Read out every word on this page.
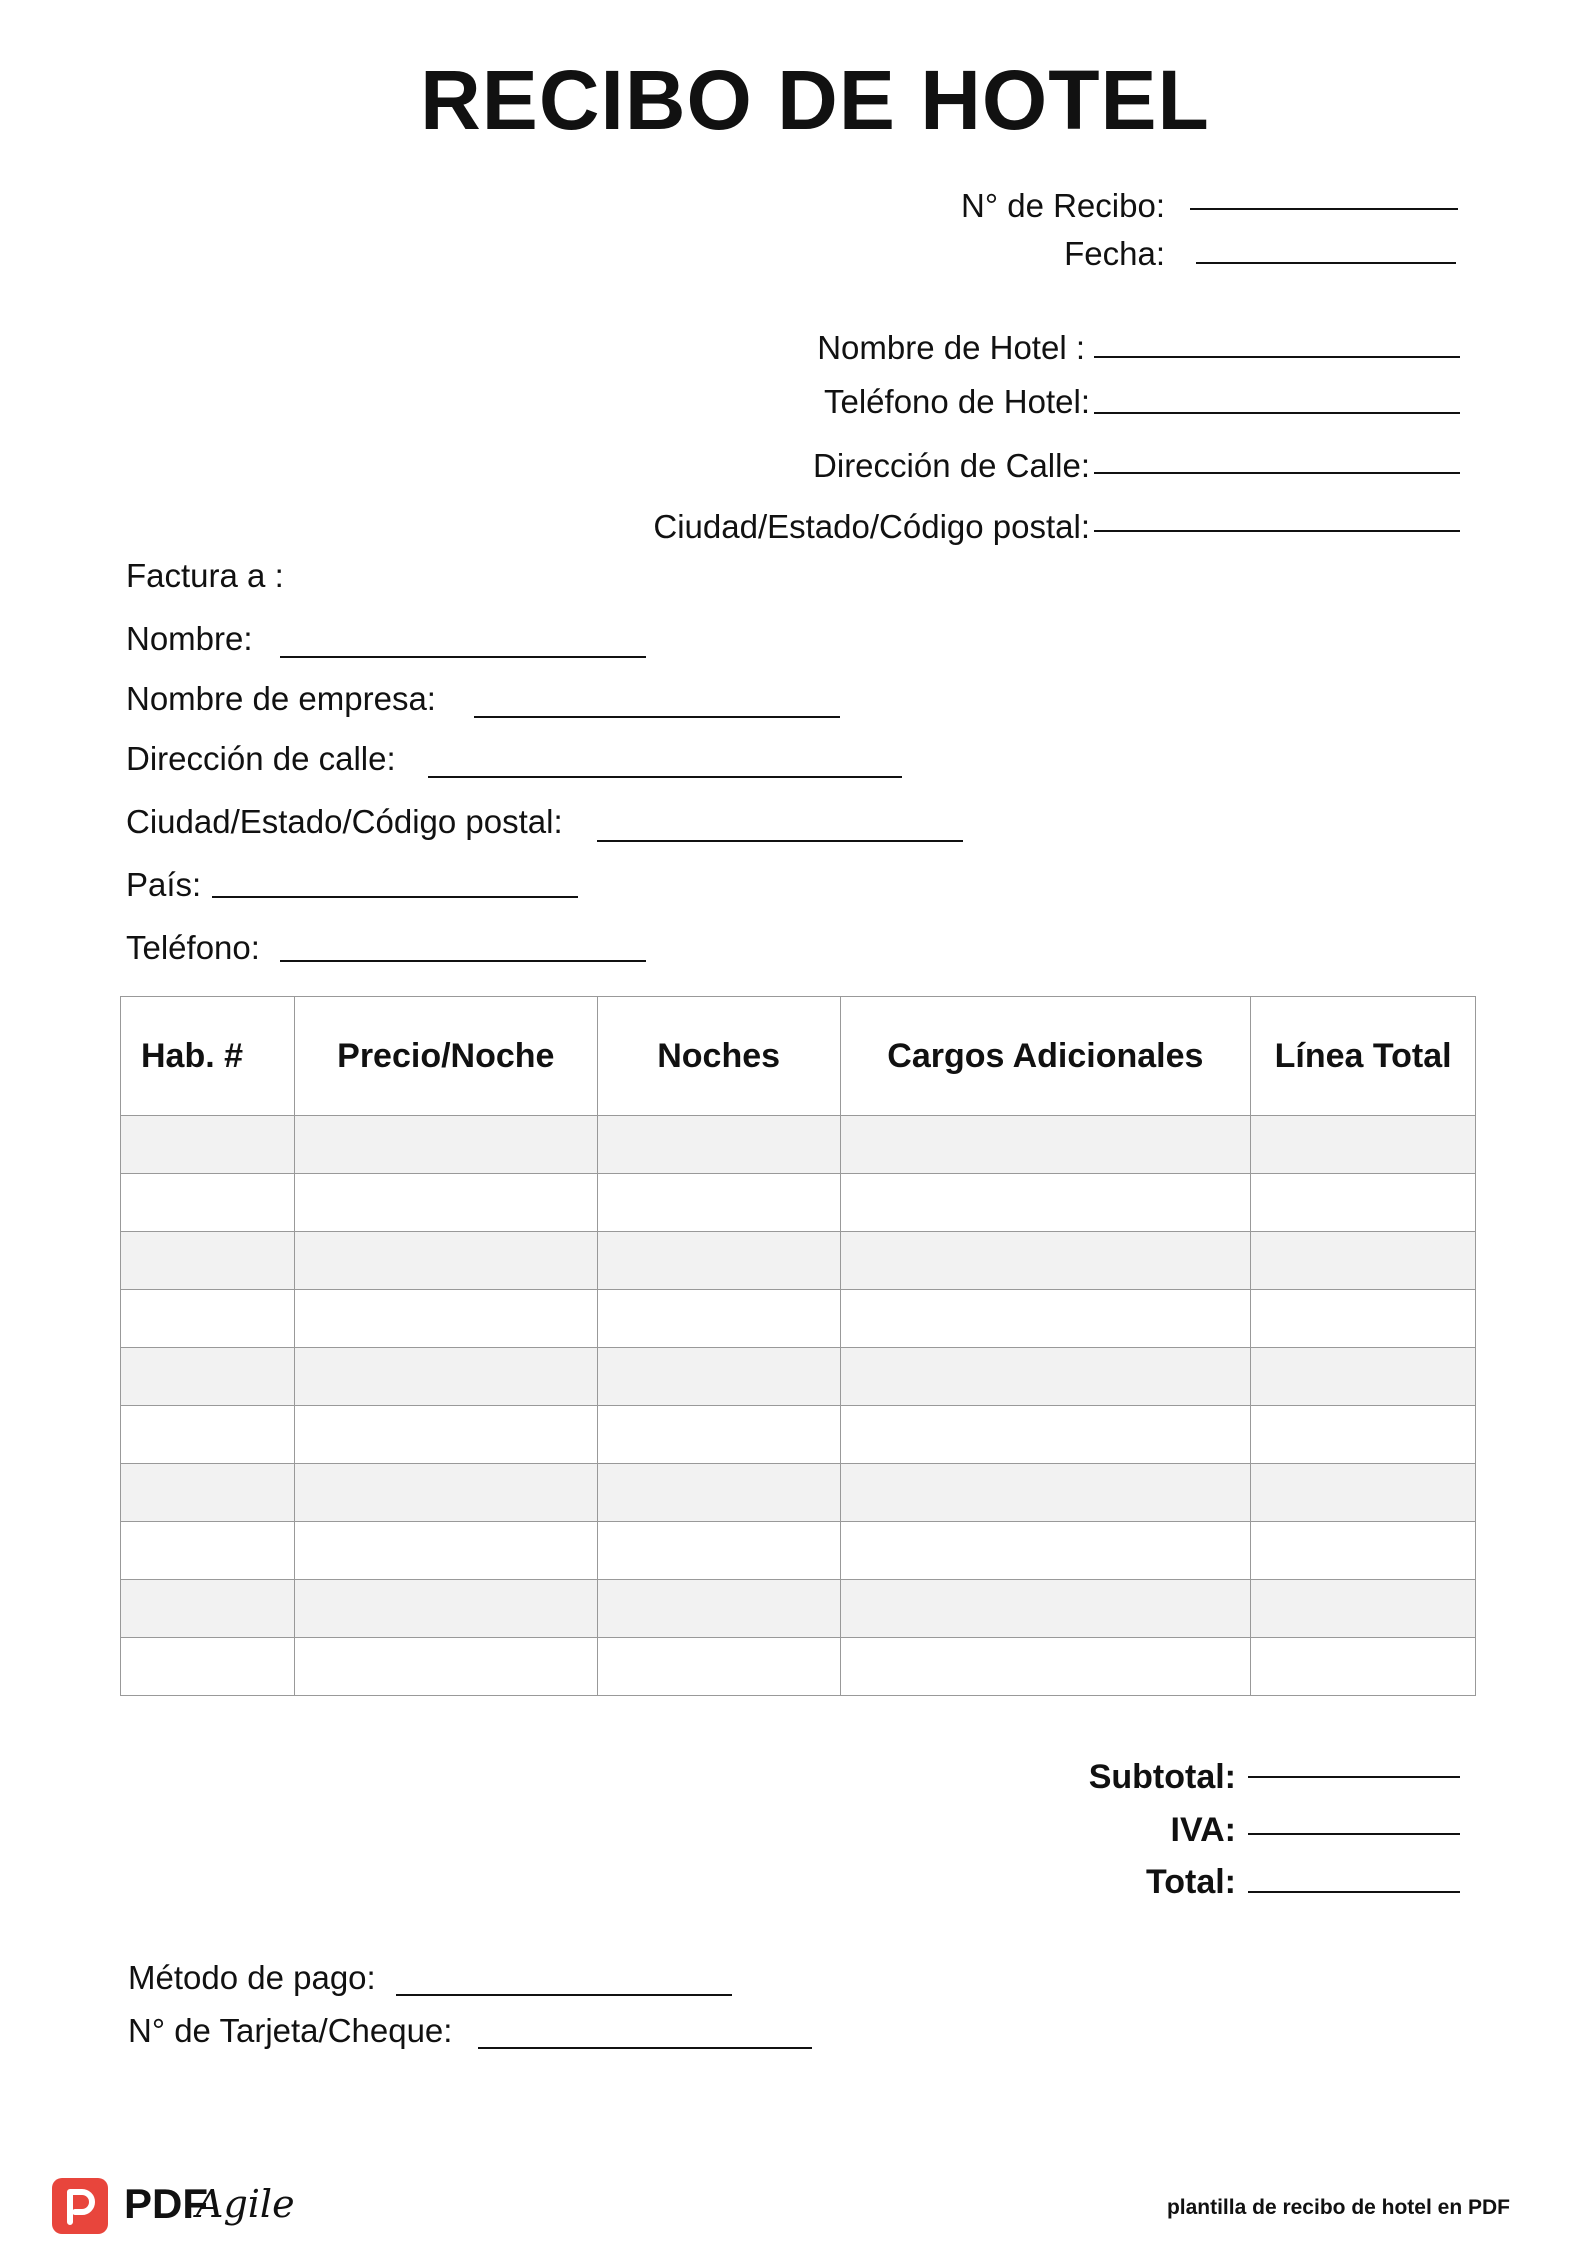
RECIBO DE HOTEL
N° de Recibo:
Fecha:
Nombre de Hotel :
Teléfono de Hotel:
Dirección de Calle:
Ciudad/Estado/Código postal:
Factura a :
Nombre:
Nombre de empresa:
Dirección de calle:
Ciudad/Estado/Código postal:
País:
Teléfono:
Hab. #	Precio/Noche	Noches	Cargos Adicionales	Línea Total

Subtotal:
IVA:
Total:
Método de pago:
N° de Tarjeta/Cheque:
PDF
Agile	plantilla de recibo de hotel en PDF
